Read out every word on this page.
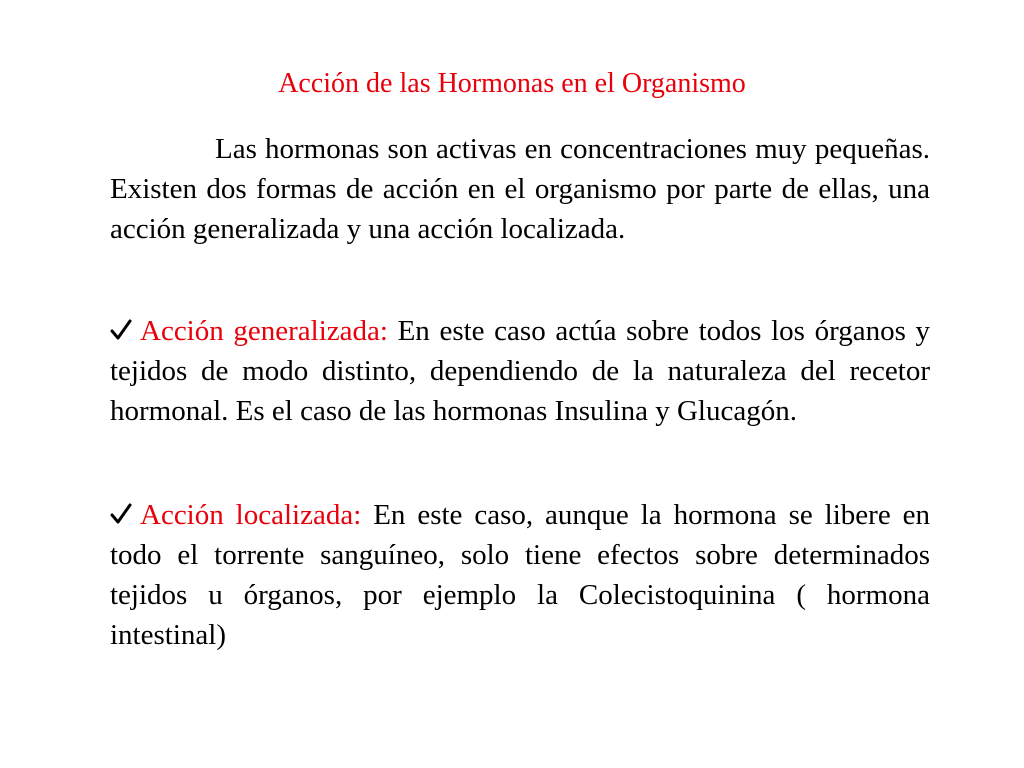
Acción de las Hormonas en el Organismo

Las hormonas son activas en concentraciones muy pequeñas. Existen dos formas de acción en el organismo por parte de ellas, una acción generalizada y una acción localizada.

Acción generalizada: En este caso actúa sobre todos los órganos y tejidos de modo distinto, dependiendo de la naturaleza del recetor hormonal. Es el caso de las hormonas Insulina y Glucagón.

Acción localizada: En este caso, aunque la hormona se libere en todo el torrente sanguíneo, solo tiene efectos sobre determinados tejidos u órganos, por ejemplo la Colecistoquinina ( hormona intestinal)
